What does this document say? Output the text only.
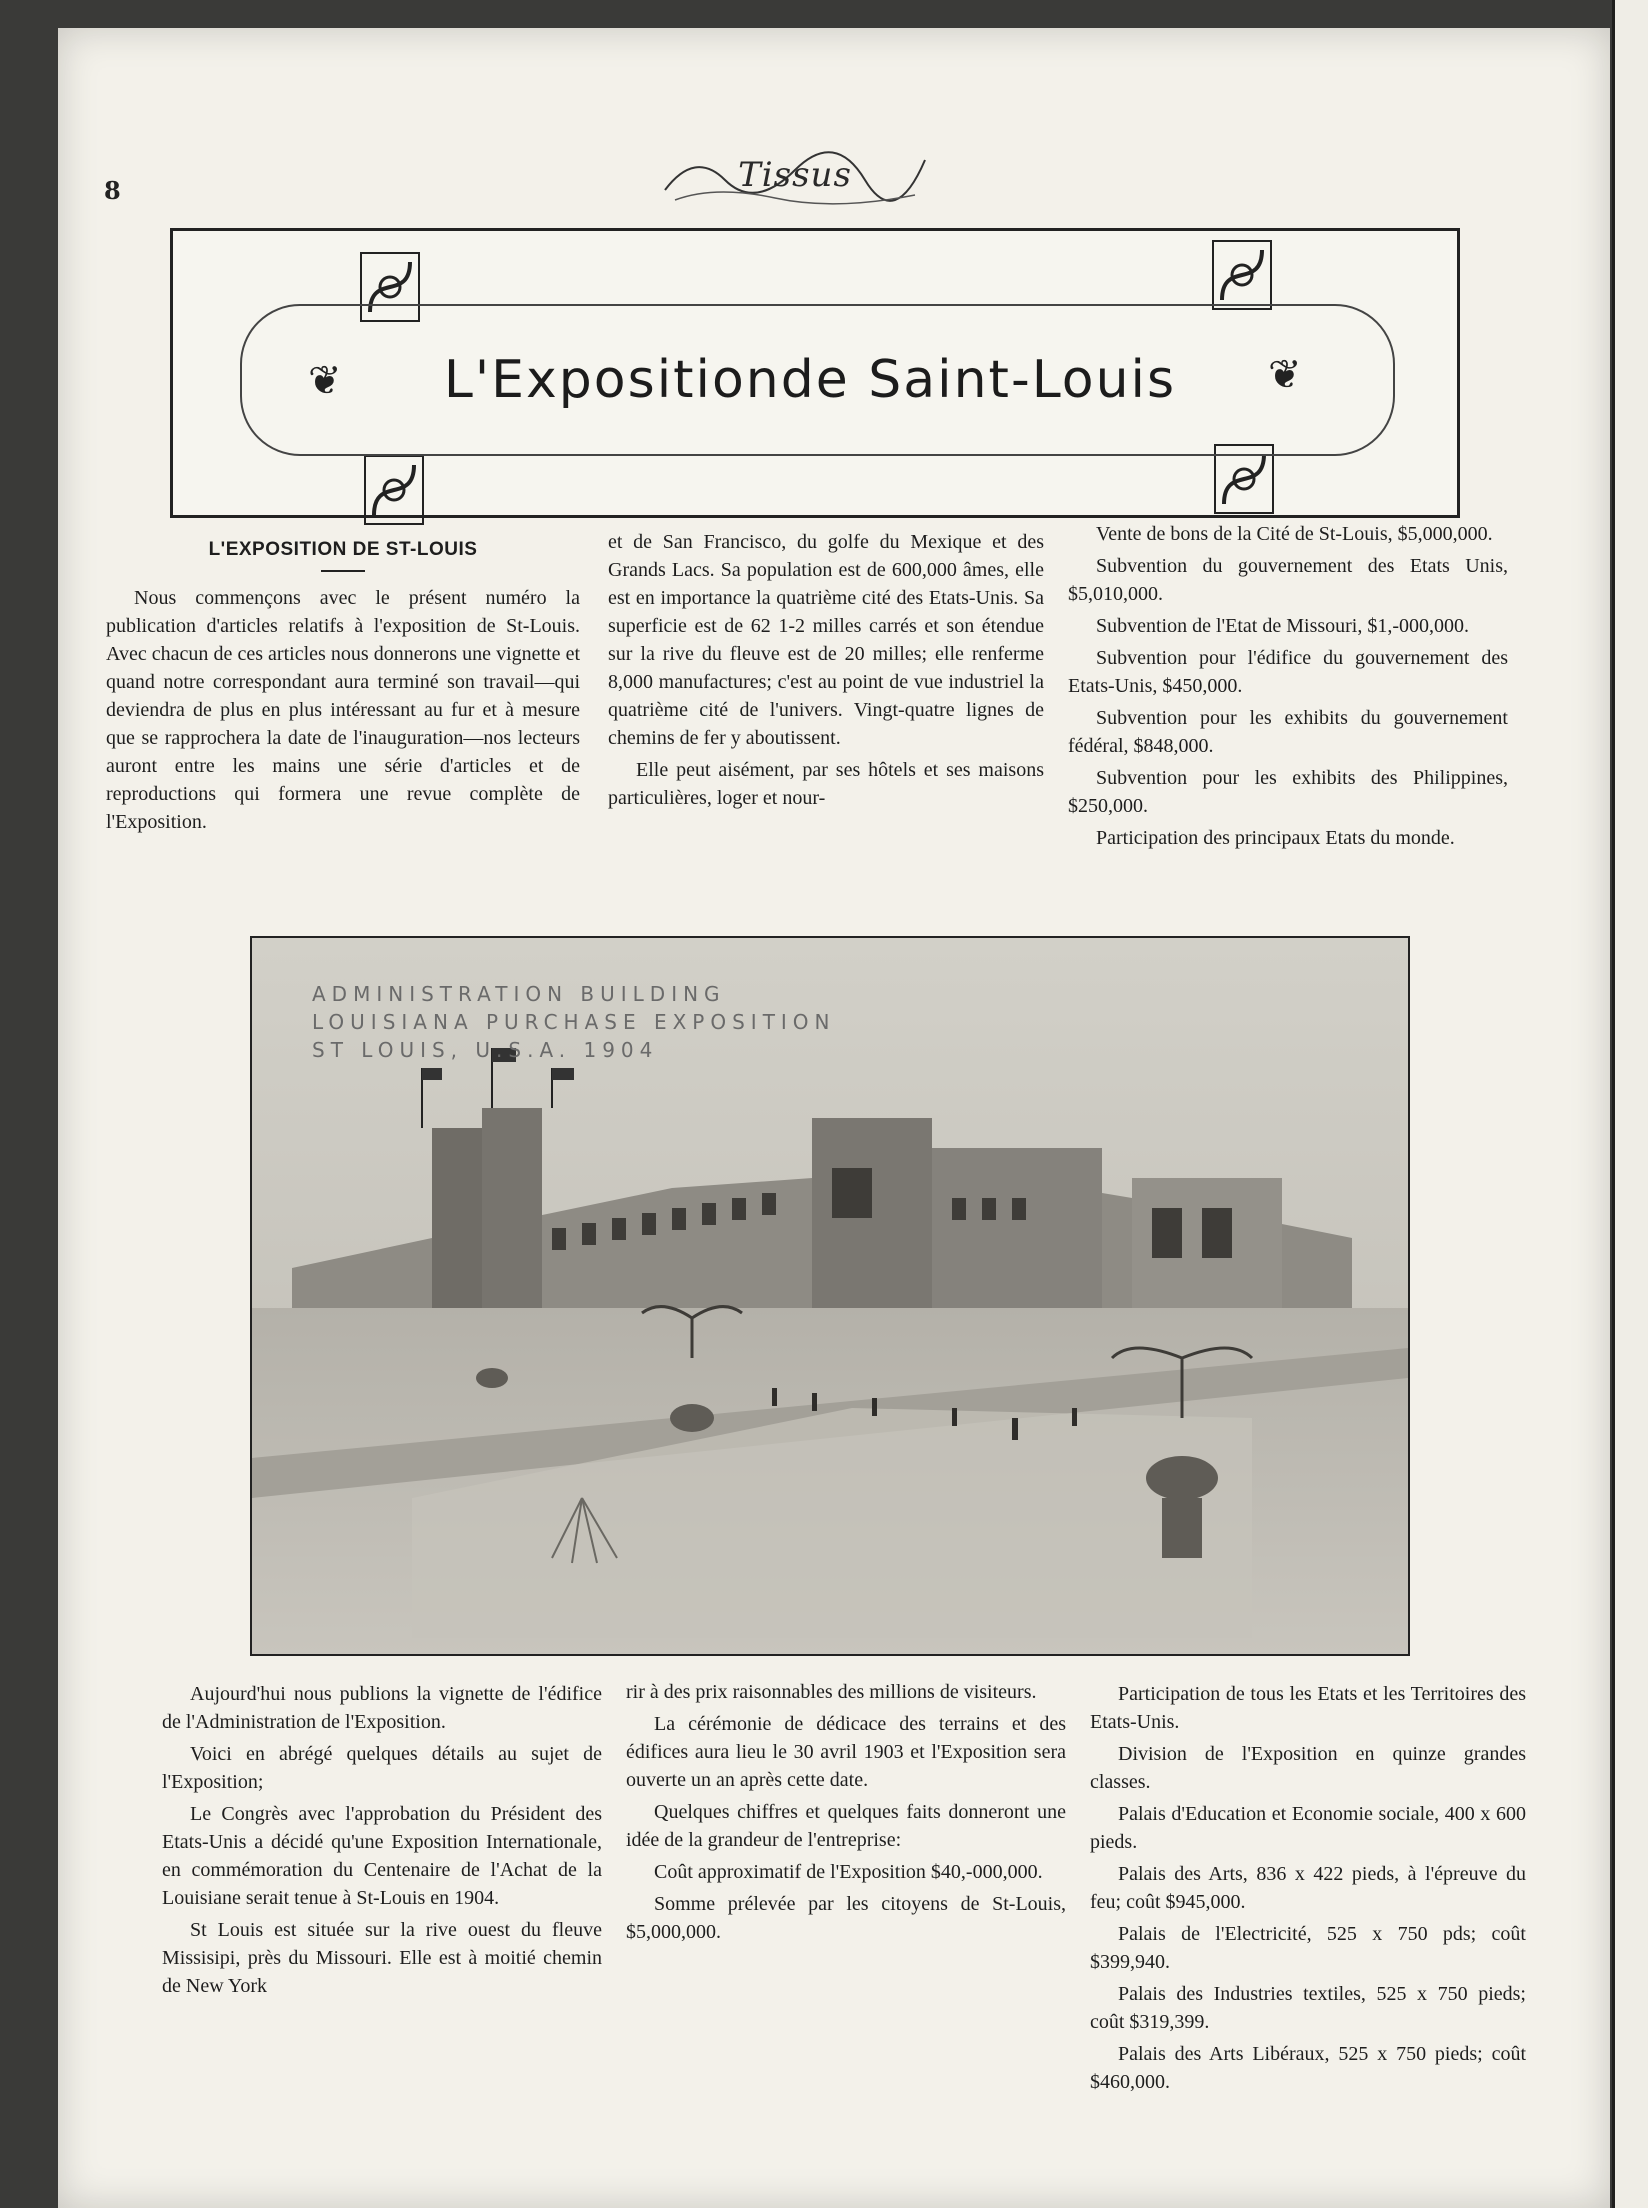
8	Tissus
❦	❦
L'Expositionde Saint-Louis
L'EXPOSITION DE ST-LOUIS

Nous commençons avec le présent numéro la publication d'articles relatifs à l'exposition de St-Louis. Avec chacun de ces articles nous donnerons une vignette et quand notre correspondant aura terminé son travail—qui deviendra de plus en plus intéressant au fur et à mesure que se rapprochera la date de l'inauguration—nos lecteurs auront entre les mains une série d'articles et de reproductions qui formera une revue complète de l'Exposition.

et de San Francisco, du golfe du Mexique et des Grands Lacs. Sa population est de 600,000 âmes, elle est en importance la quatrième cité des Etats-Unis. Sa superficie est de 62 1-2 milles carrés et son étendue sur la rive du fleuve est de 20 milles; elle renferme 8,000 manufactures; c'est au point de vue industriel la quatrième cité de l'univers. Vingt-quatre lignes de chemins de fer y aboutissent.

Elle peut aisément, par ses hôtels et ses maisons particulières, loger et nour-

Vente de bons de la Cité de St-Louis, $5,000,000.

Subvention du gouvernement des Etats Unis, $5,010,000.

Subvention de l'Etat de Missouri, $1,-000,000.

Subvention pour l'édifice du gouvernement des Etats-Unis, $450,000.

Subvention pour les exhibits du gouvernement fédéral, $848,000.

Subvention pour les exhibits des Philippines, $250,000.

Participation des principaux Etats du monde.

ADMINISTRATION BUILDING
LOUISIANA PURCHASE EXPOSITION
ST LOUIS, U.S.A. 1904

Aujourd'hui nous publions la vignette de l'édifice de l'Administration de l'Exposition.

Voici en abrégé quelques détails au sujet de l'Exposition;

Le Congrès avec l'approbation du Président des Etats-Unis a décidé qu'une Exposition Internationale, en commémoration du Centenaire de l'Achat de la Louisiane serait tenue à St-Louis en 1904.

St Louis est située sur la rive ouest du fleuve Missisipi, près du Missouri. Elle est à moitié chemin de New York

rir à des prix raisonnables des millions de visiteurs.

La cérémonie de dédicace des terrains et des édifices aura lieu le 30 avril 1903 et l'Exposition sera ouverte un an après cette date.

Quelques chiffres et quelques faits donneront une idée de la grandeur de l'entreprise:

Coût approximatif de l'Exposition $40,-000,000.

Somme prélevée par les citoyens de St-Louis, $5,000,000.

Participation de tous les Etats et les Territoires des Etats-Unis.

Division de l'Exposition en quinze grandes classes.

Palais d'Education et Economie sociale, 400 x 600 pieds.

Palais des Arts, 836 x 422 pieds, à l'épreuve du feu; coût $945,000.

Palais de l'Electricité, 525 x 750 pds; coût $399,940.

Palais des Industries textiles, 525 x 750 pieds; coût $319,399.

Palais des Arts Libéraux, 525 x 750 pieds; coût $460,000.
